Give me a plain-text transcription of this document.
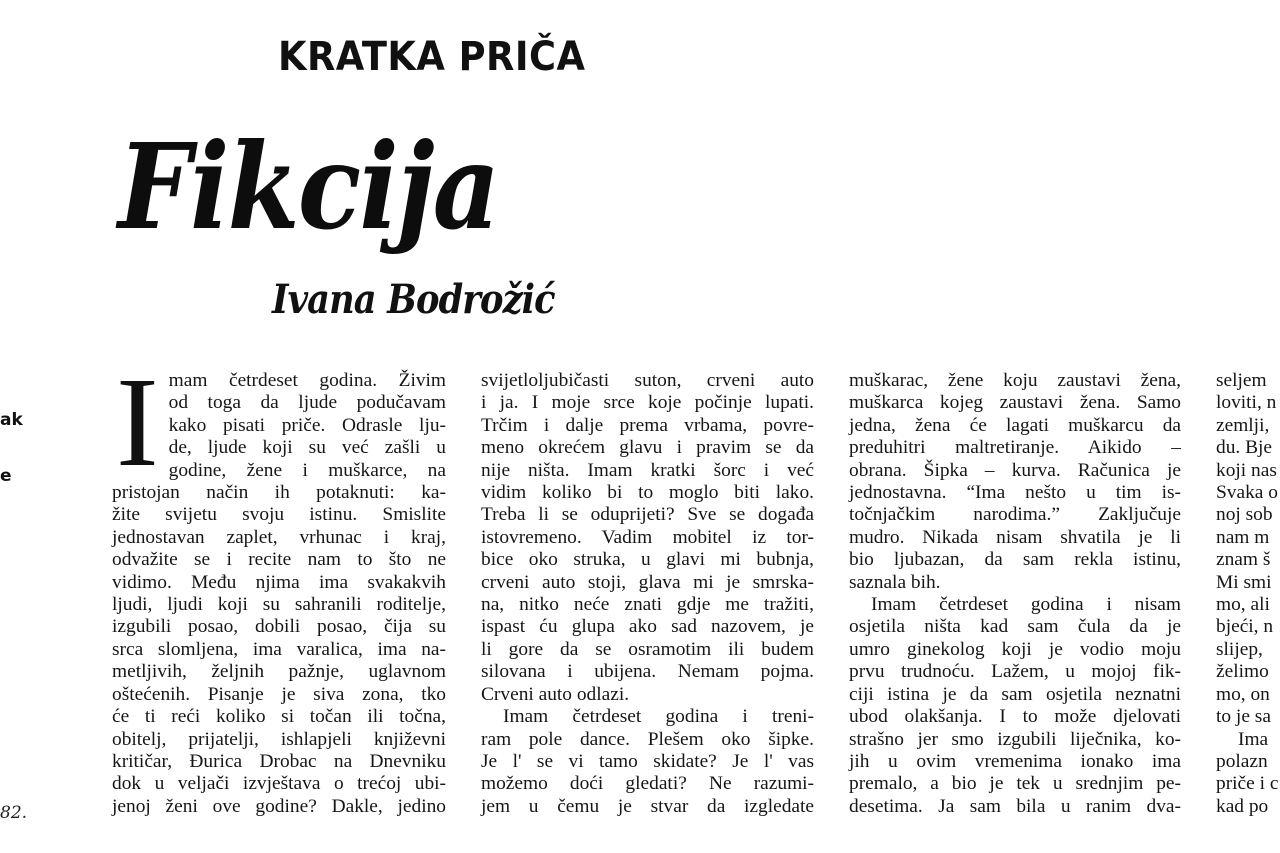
KRATKA PRIČA
Fikcija
Ivana Bodrožić
ak
e
82.
I mam četrdeset godina. Živim
od toga da ljude podučavam
kako pisati priče. Odrasle lju-
de, ljude koji su već zašli u
godine, žene i muškarce, na
pristojan način ih potaknuti: ka-
žite svijetu svoju istinu. Smislite
jednostavan zaplet, vrhunac i kraj,
odvažite se i recite nam to što ne
vidimo. Među njima ima svakakvih
ljudi, ljudi koji su sahranili roditelje,
izgubili posao, dobili posao, čija su
srca slomljena, ima varalica, ima na-
metljivih, željnih pažnje, uglavnom
oštećenih. Pisanje je siva zona, tko
će ti reći koliko si točan ili točna,
obitelj, prijatelji, ishlapjeli književni
kritičar, Đurica Drobac na Dnevniku
dok u veljači izvještava o trećoj ubi-
jenoj ženi ove godine? Dakle, jedino
svijetloljubičasti suton, crveni auto
i ja. I moje srce koje počinje lupati.
Trčim i dalje prema vrbama, povre-
meno okrećem glavu i pravim se da
nije ništa. Imam kratki šorc i već
vidim koliko bi to moglo biti lako.
Treba li se oduprijeti? Sve se događa
istovremeno. Vadim mobitel iz tor-
bice oko struka, u glavi mi bubnja,
crveni auto stoji, glava mi je smrska-
na, nitko neće znati gdje me tražiti,
ispast ću glupa ako sad nazovem, je
li gore da se osramotim ili budem
silovana i ubijena. Nemam pojma.
Crveni auto odlazi.
Imam četrdeset godina i treni-
ram pole dance. Plešem oko šipke.
Je l' se vi tamo skidate? Je l' vas
možemo doći gledati? Ne razumi-
jem u čemu je stvar da izgledate
muškarac, žene koju zaustavi žena,
muškarca kojeg zaustavi žena. Samo
jedna, žena će lagati muškarcu da
preduhitri maltretiranje. Aikido –
obrana. Šipka – kurva. Računica je
jednostavna. “Ima nešto u tim is-
točnjačkim narodima.” Zaključuje
mudro. Nikada nisam shvatila je li
bio ljubazan, da sam rekla istinu,
saznala bih.
Imam četrdeset godina i nisam
osjetila ništa kad sam čula da je
umro ginekolog koji je vodio moju
prvu trudnoću. Lažem, u mojoj fik-
ciji istina je da sam osjetila neznatni
ubod olakšanja. I to može djelovati
strašno jer smo izgubili liječnika, ko-
jih u ovim vremenima ionako ima
premalo, a bio je tek u srednjim pe-
desetima. Ja sam bila u ranim dva-
seljem
loviti, n
zemlji,
du. Bje
koji nas
Svaka o
noj sob
nam m
znam š
Mi smi
mo, ali
bjeći, n
slijep,
želimo
mo, on
to je sa
Ima
polazn
priče i c
kad po
